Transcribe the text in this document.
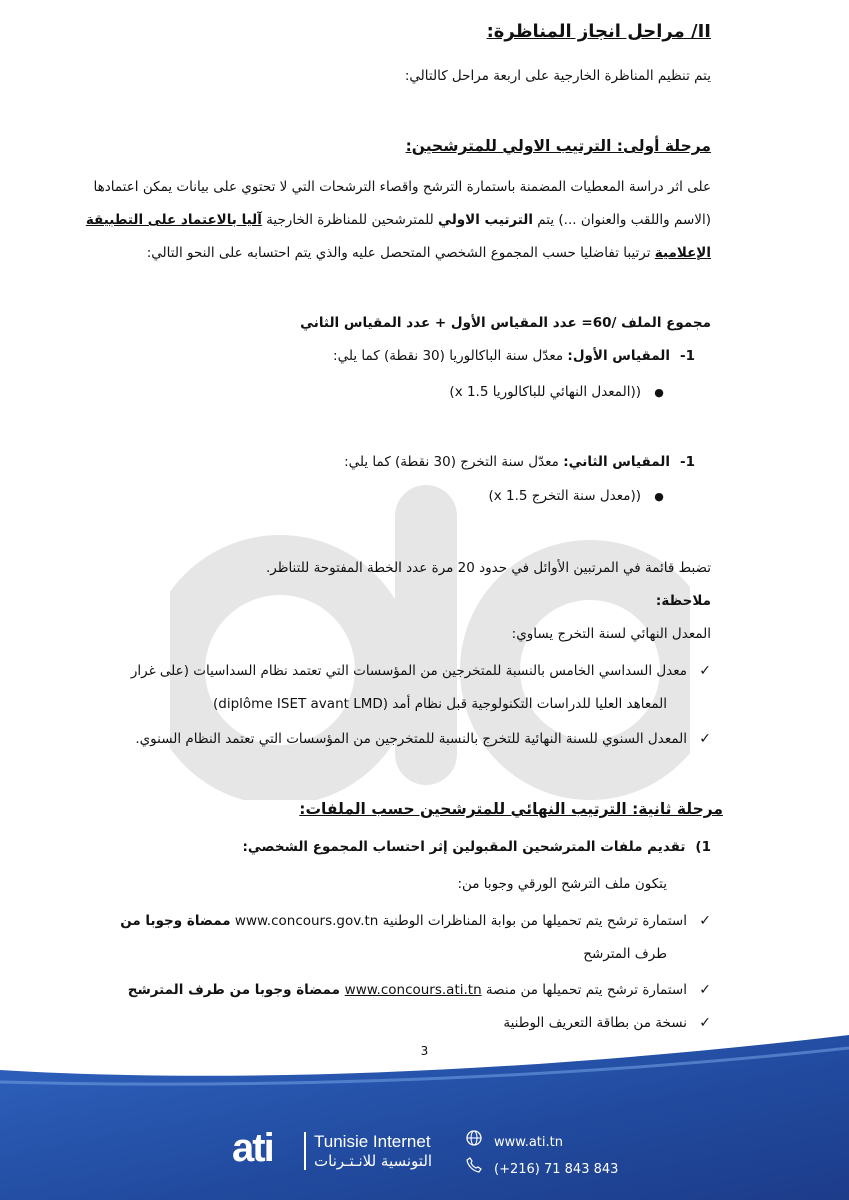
II/ مراحل انجاز المناظرة:
يتم تنظيم المناظرة الخارجية على اربعة مراحل كالتالي:
مرحلة أولى: الترتيب الاولي للمترشحين:
على اثر دراسة المعطيات المضمنة باستمارة الترشح واقصاء الترشحات التي لا تحتوي على بيانات يمكن اعتمادها
(الاسم واللقب والعنوان ...) يتم الترتيب الاولي للمترشحين للمناظرة الخارجية آليا بالاعتماد على التطبيقة
الإعلامية ترتيبا تفاضليا حسب المجموع الشخصي المتحصل عليه والذي يتم احتسابه على النحو التالي:
مجموع الملف /60= عدد المقياس الأول + عدد المقياس الثاني
1-المقياس الأول: معدّل سنة الباكالوريا (30 نقطة) كما يلي:
●((المعدل النهائي للباكالوريا x 1.5)
1-المقياس الثاني: معدّل سنة التخرج (30 نقطة) كما يلي:
●((معدل سنة التخرج x 1.5)
تضبط قائمة في المرتبين الأوائل في حدود 20 مرة عدد الخطة المفتوحة للتناظر.
ملاحظة:
المعدل النهائي لسنة التخرج يساوي:
✓معدل السداسي الخامس بالنسبة للمتخرجين من المؤسسات التي تعتمد نظام السداسيات (على غرار
المعاهد العليا للدراسات التكنولوجية قبل نظام أمد (diplôme ISET avant LMD)
✓المعدل السنوي للسنة النهائية للتخرج بالنسبة للمتخرجين من المؤسسات التي تعتمد النظام السنوي.
مرحلة ثانية: الترتيب النهائي للمترشحين حسب الملفات:
1)تقديم ملفات المترشحين المقبولين إثر احتساب المجموع الشخصي:
يتكون ملف الترشح الورقي وجوبا من:
✓استمارة ترشح يتم تحميلها من بوابة المناظرات الوطنية www.concours.gov.tn ممضاة وجوبا من
طرف المترشح
✓استمارة ترشح يتم تحميلها من منصة www.concours.ati.tn ممضاة وجوبا من طرف المترشح
✓نسخة من بطاقة التعريف الوطنية
3
ati Tunisie Internet
التونسية للانـتـرنات
www.ati.tn
(+216) 71 843 843
